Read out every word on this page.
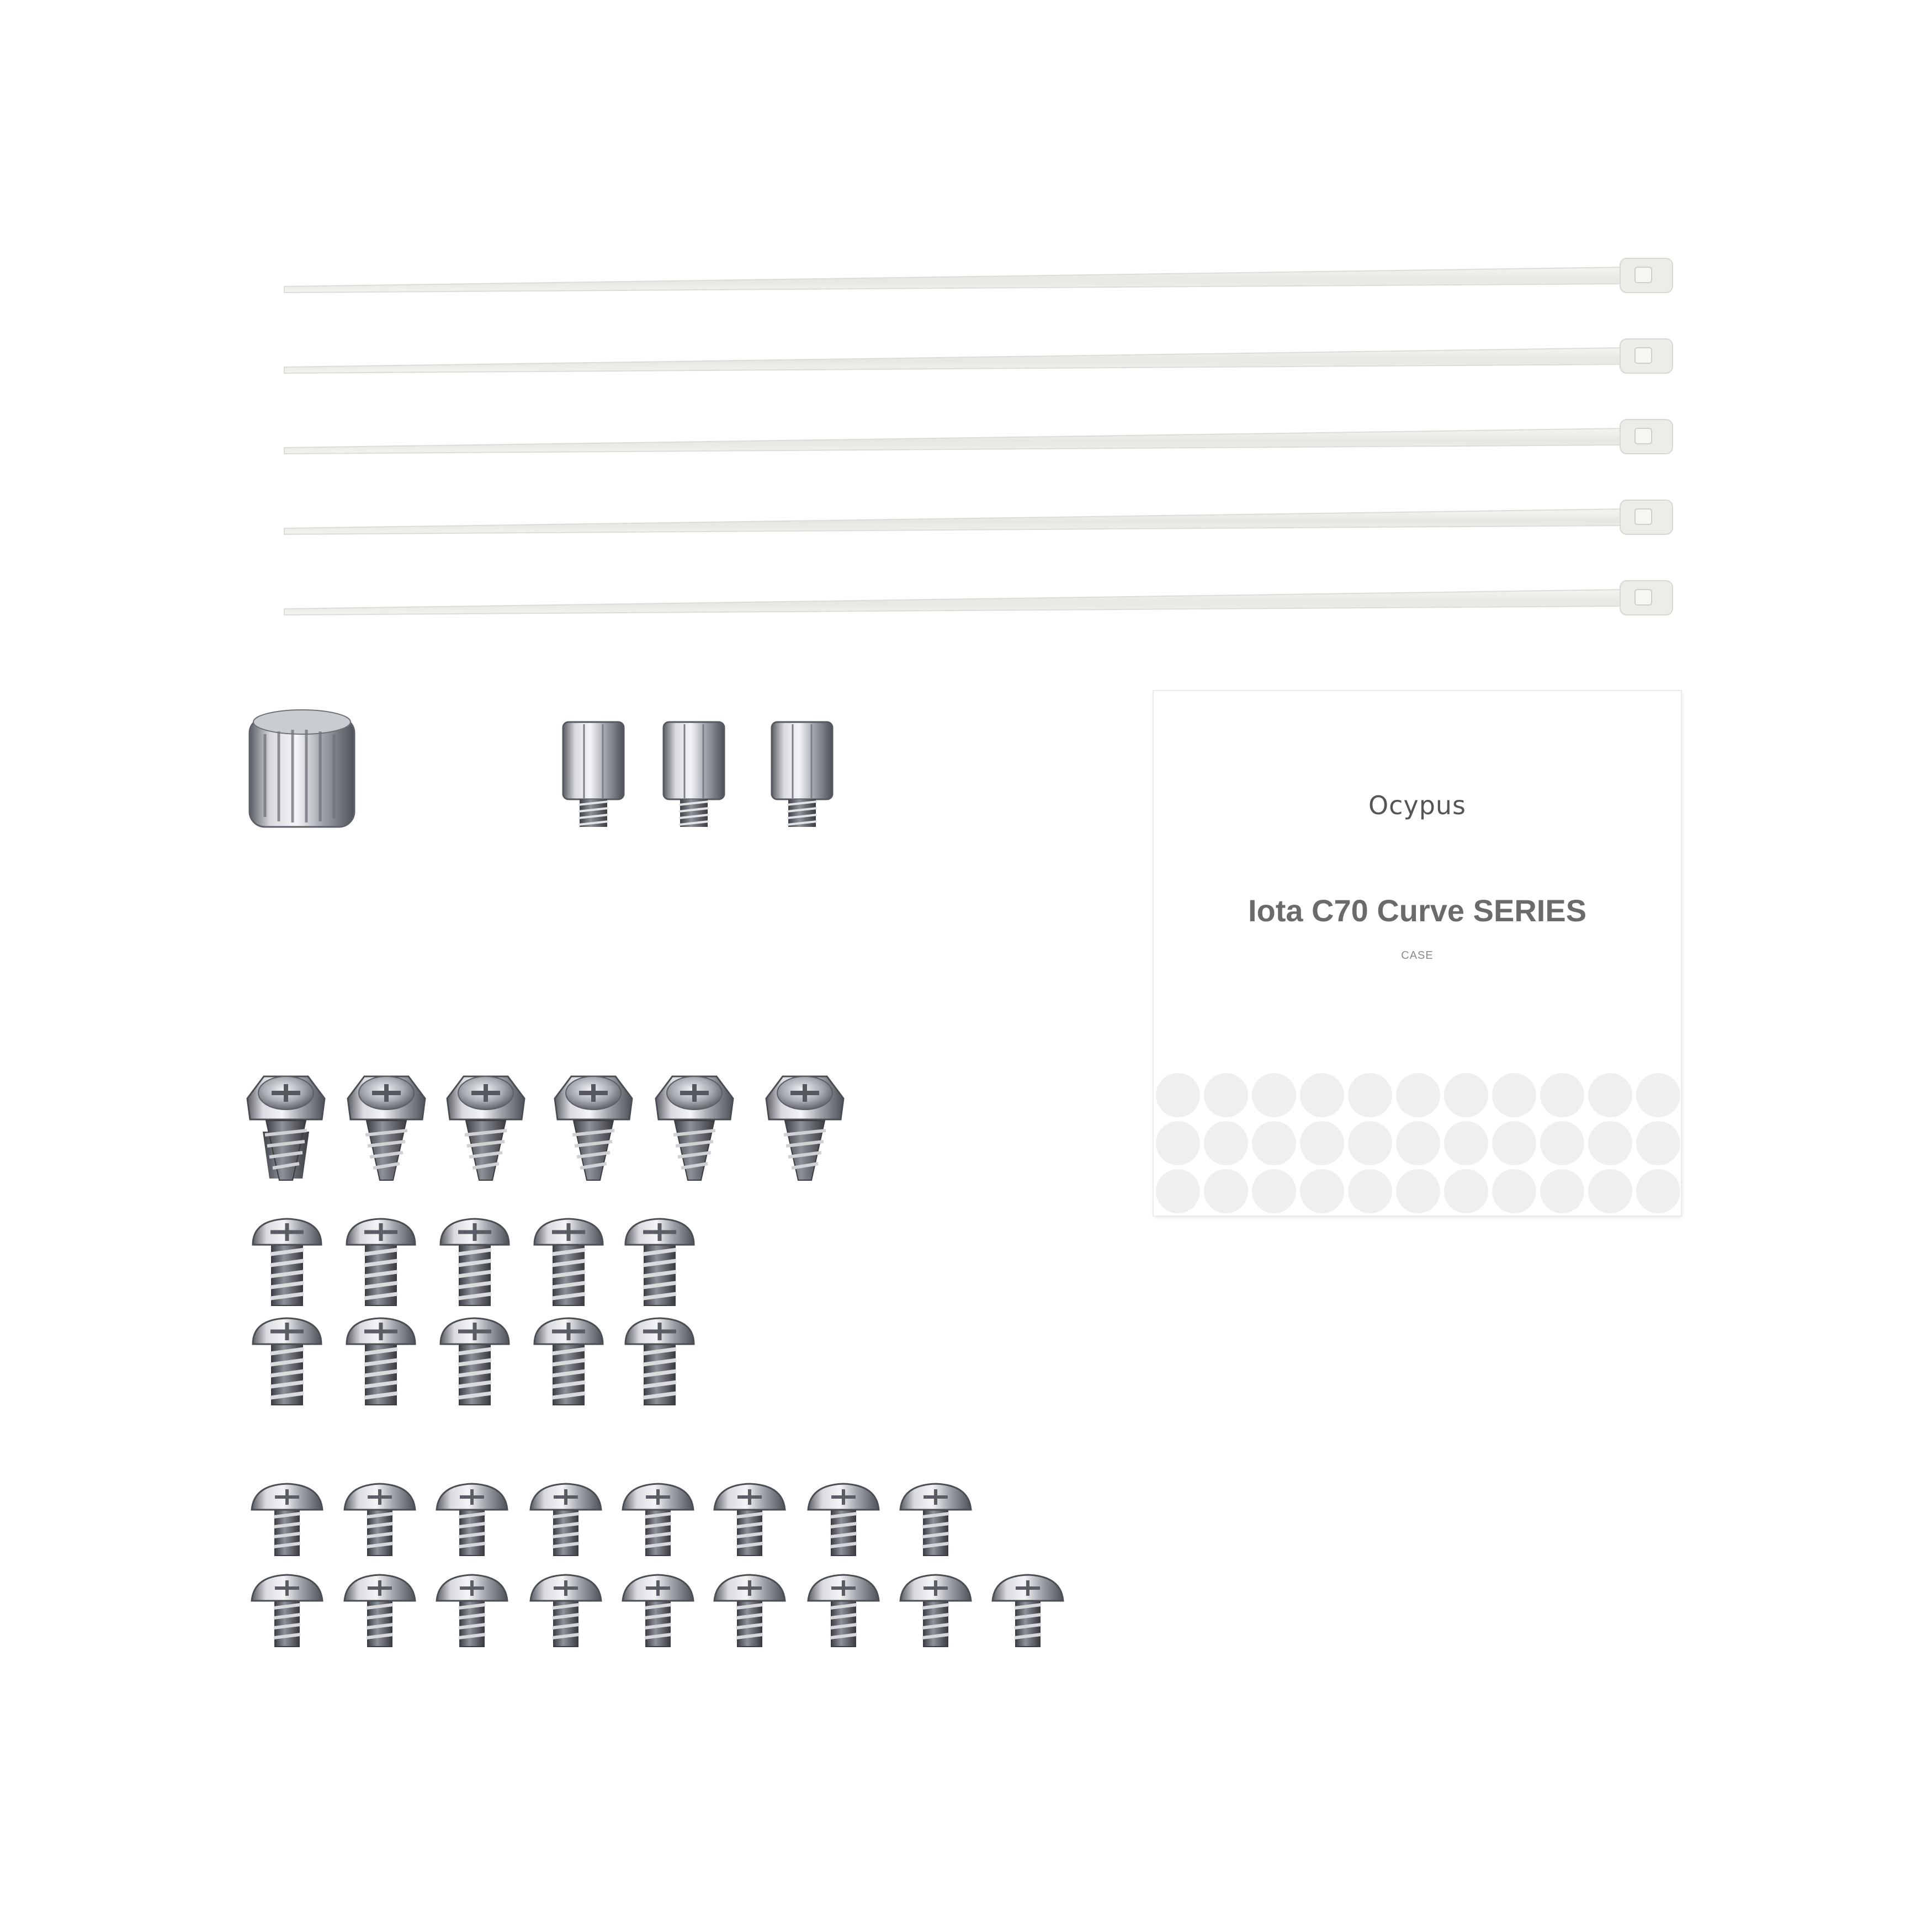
Ocypus
Iota C70 Curve SERIES
CASE
